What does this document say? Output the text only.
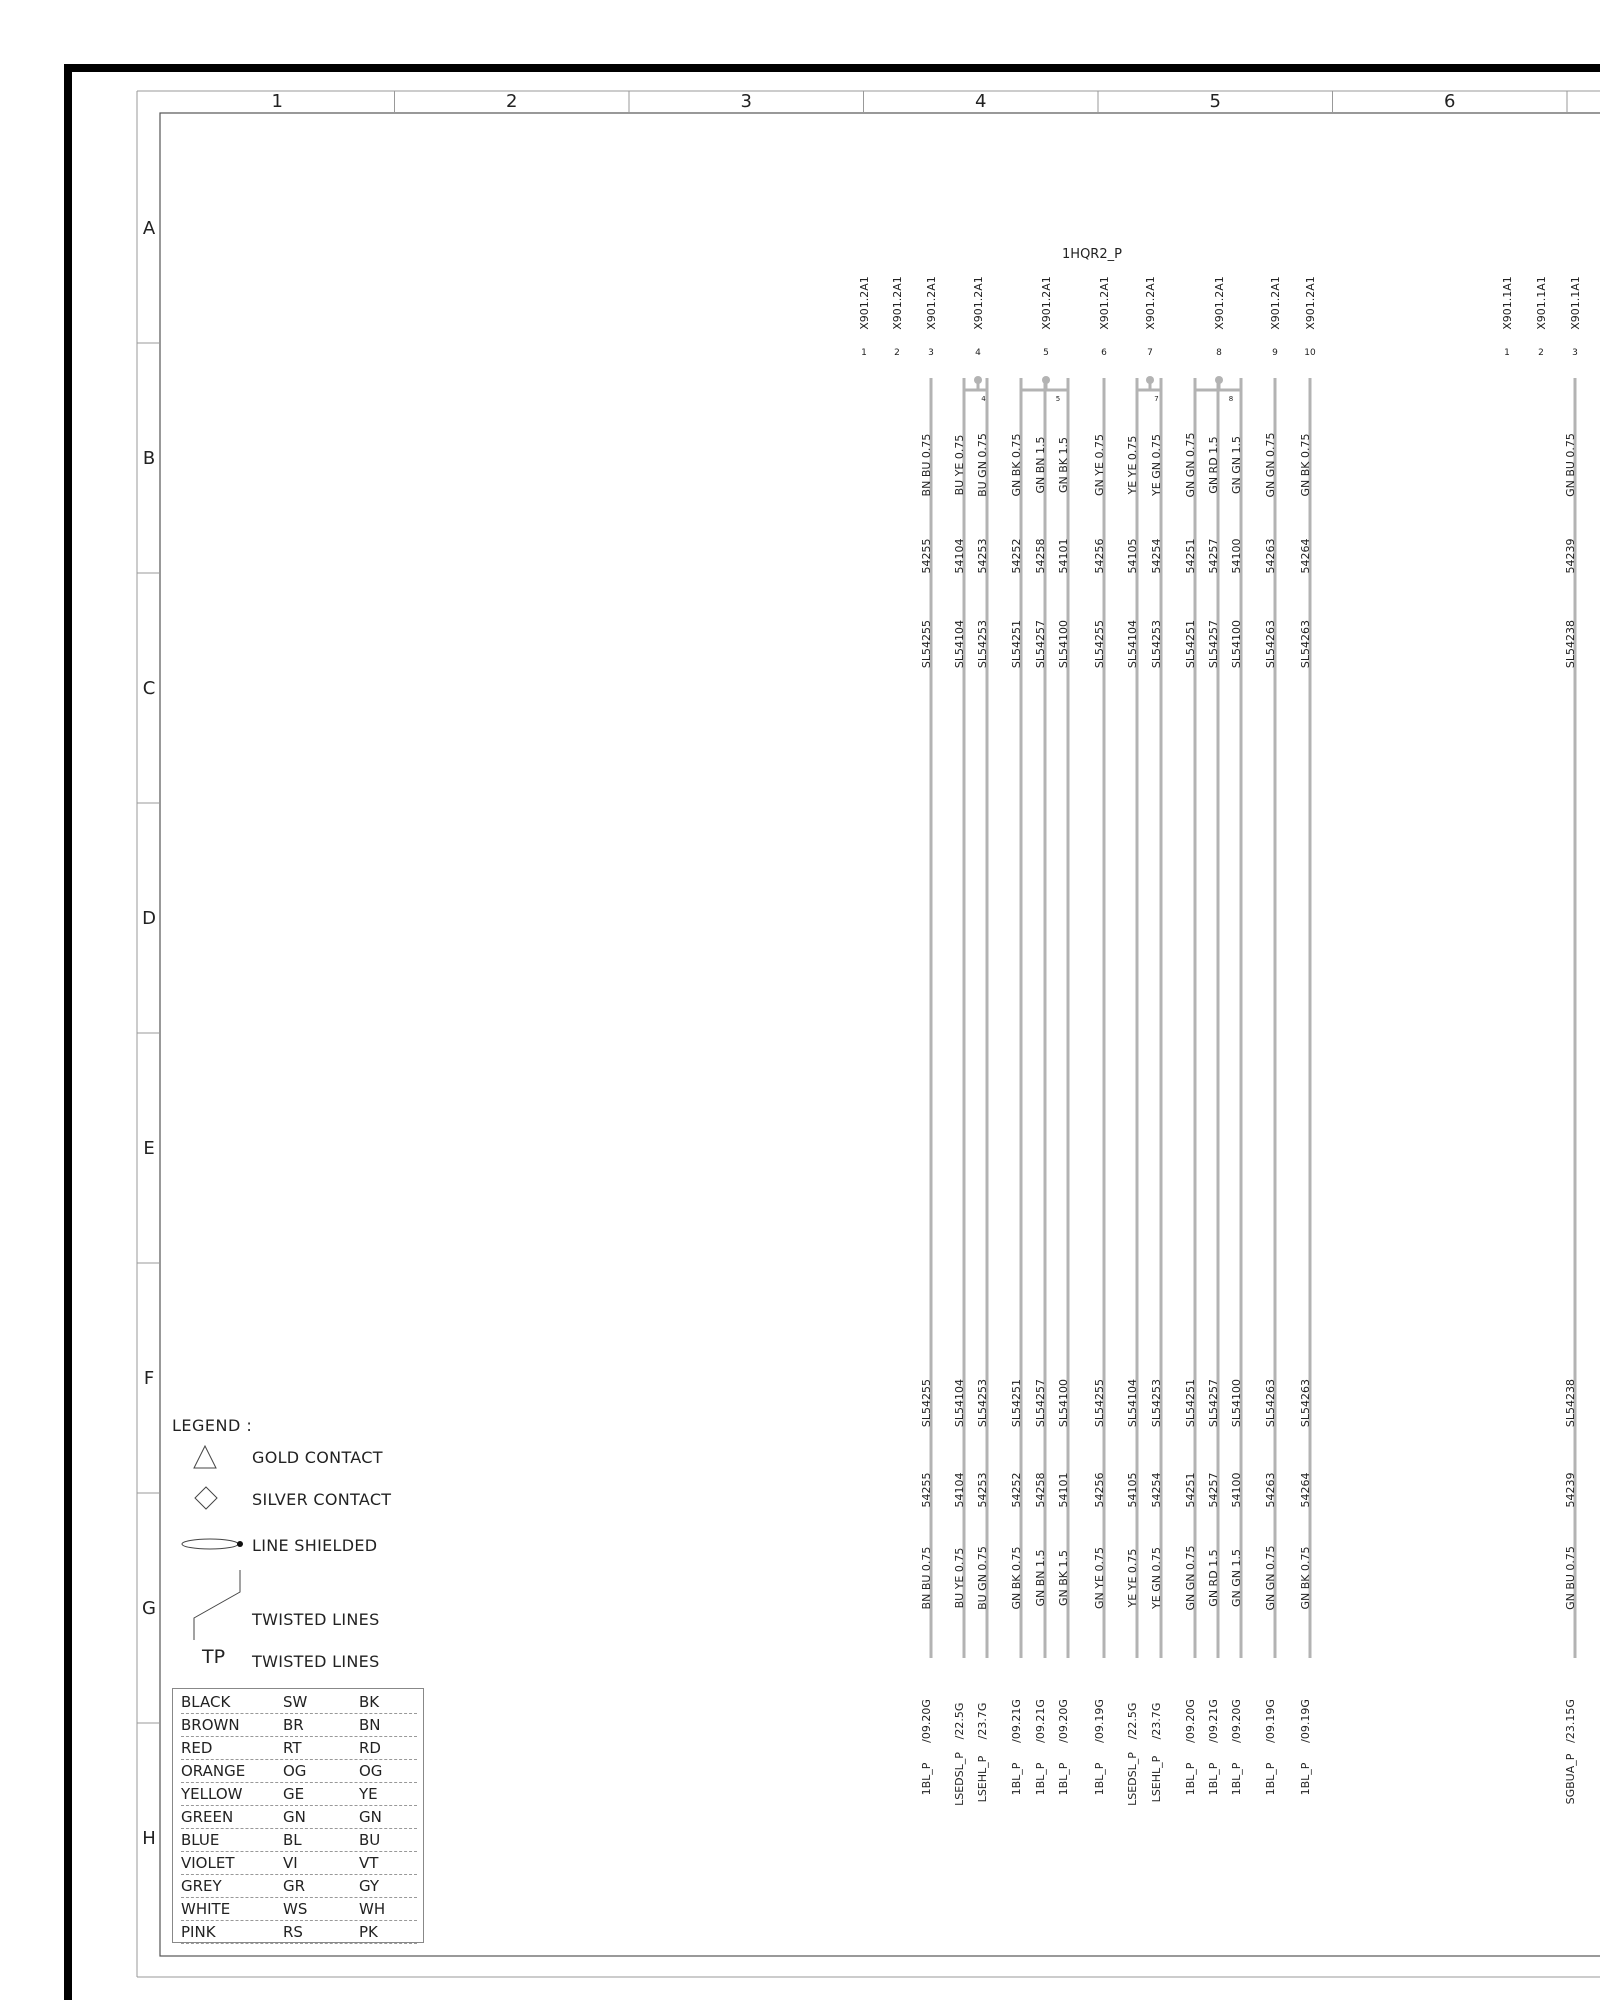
1	2	3	4	5	6
A
B
C
D
E
F
G
H
1HQR2_P
X901.2A1
1
X901.2A1
2
X901.2A1
3
X901.2A1
4
X901.2A1
5
X901.2A1
6
X901.2A1
7
X901.2A1
8
X901.2A1
9
X901.2A1
10
X901.1A1
1
X901.1A1
2
X901.1A1
3
BN BU 0.75
54255
SL54255
SL54255
54255
BN BU 0.75
/09.20G
1BL_P
BU YE 0.75
54104
SL54104
SL54104
54104
BU YE 0.75
/22.5G
LSEDSL_P
BU GN 0.75
54253
SL54253
SL54253
54253
BU GN 0.75
/23.7G
LSEHL_P
GN BK 0.75
54252
SL54251
SL54251
54252
GN BK 0.75
/09.21G
1BL_P
GN BN 1.5
54258
SL54257
SL54257
54258
GN BN 1.5
/09.21G
1BL_P
GN BK 1.5
54101
SL54100
SL54100
54101
GN BK 1.5
/09.20G
1BL_P
GN YE 0.75
54256
SL54255
SL54255
54256
GN YE 0.75
/09.19G
1BL_P
YE YE 0.75
54105
SL54104
SL54104
54105
YE YE 0.75
/22.5G
LSEDSL_P
YE GN 0.75
54254
SL54253
SL54253
54254
YE GN 0.75
/23.7G
LSEHL_P
GN GN 0.75
54251
SL54251
SL54251
54251
GN GN 0.75
/09.20G
1BL_P
GN RD 1.5
54257
SL54257
SL54257
54257
GN RD 1.5
/09.21G
1BL_P
GN GN 1.5
54100
SL54100
SL54100
54100
GN GN 1.5
/09.20G
1BL_P
GN GN 0.75
54263
SL54263
SL54263
54263
GN GN 0.75
/09.19G
1BL_P
GN BK 0.75
54264
SL54263
SL54263
54264
GN BK 0.75
/09.19G
1BL_P
GN BU 0.75
54239
SL54238
SL54238
54239
GN BU 0.75
/23.15G
SGBUA_P
4	5	7	8
LEGEND :
GOLD CONTACT
SILVER CONTACT
LINE SHIELDED
TWISTED LINES
TP TWISTED LINES
BLACK	SW	BK
BROWN	BR	BN
RED	RT	RD
ORANGE	OG	OG
YELLOW	GE	YE
GREEN	GN	GN
BLUE	BL	BU
VIOLET	VI	VT
GREY	GR	GY
WHITE	WS	WH
PINK	RS	PK
